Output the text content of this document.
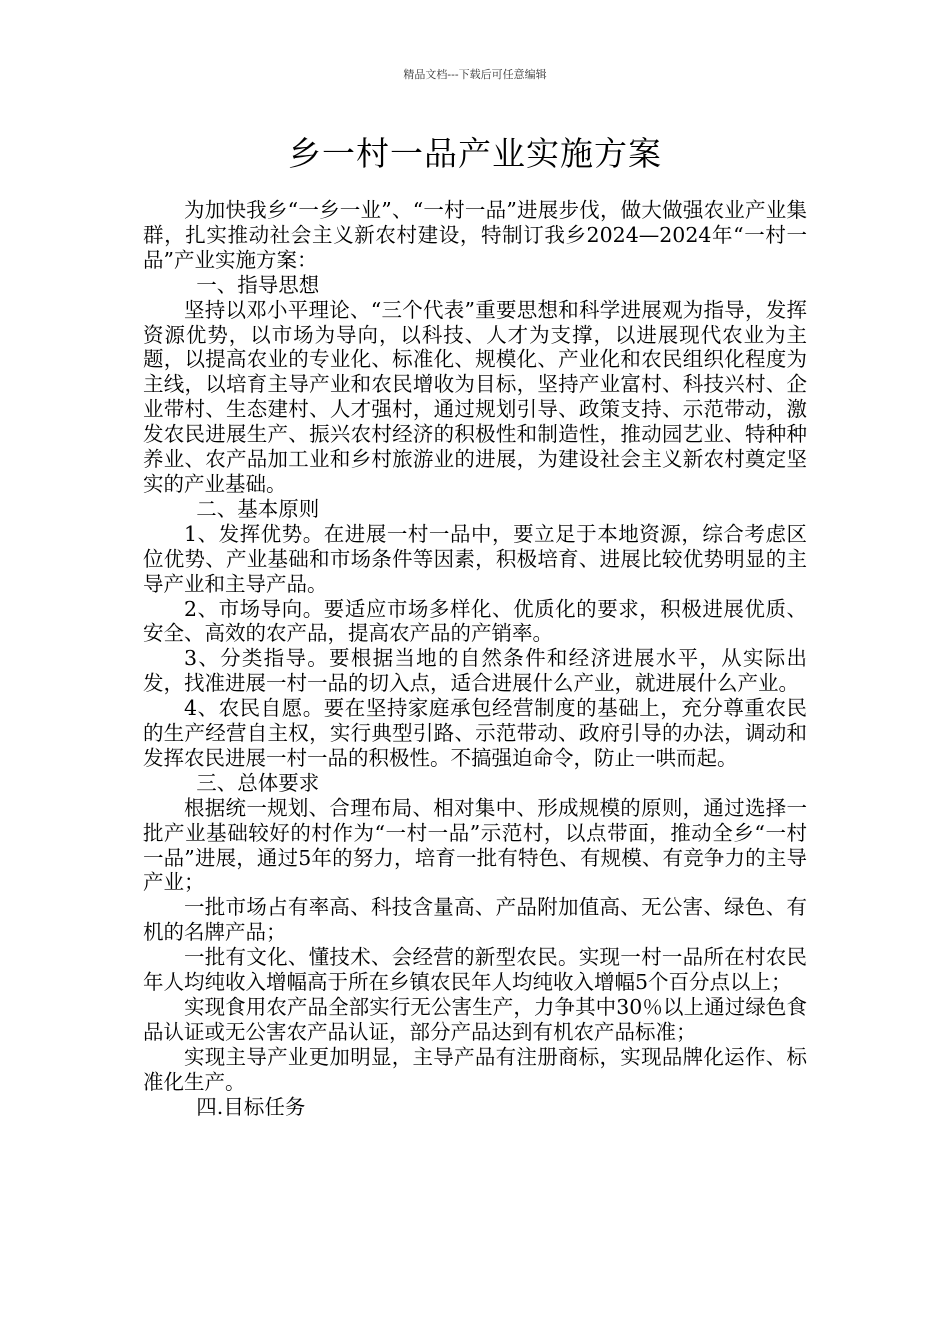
精品文档---下载后可任意编辑
乡一村一品产业实施方案

为加快我乡“一乡一业”、“一村一品”进展步伐，做大做强农业产业集群，扎实推动社会主义新农村建设，特制订我乡2024—2024年“一村一品”产业实施方案：

一、指导思想

坚持以邓小平理论、“三个代表”重要思想和科学进展观为指导，发挥资源优势，以市场为导向，以科技、人才为支撑，以进展现代农业为主题，以提高农业的专业化、标准化、规模化、产业化和农民组织化程度为主线，以培育主导产业和农民增收为目标，坚持产业富村、科技兴村、企业带村、生态建村、人才强村，通过规划引导、政策支持、示范带动，激发农民进展生产、振兴农村经济的积极性和制造性，推动园艺业、特种种养业、农产品加工业和乡村旅游业的进展，为建设社会主义新农村奠定坚实的产业基础。

二、基本原则

1、发挥优势。在进展一村一品中，要立足于本地资源，综合考虑区位优势、产业基础和市场条件等因素，积极培育、进展比较优势明显的主导产业和主导产品。

2、市场导向。要适应市场多样化、优质化的要求，积极进展优质、安全、高效的农产品，提高农产品的产销率。

3、分类指导。要根据当地的自然条件和经济进展水平，从实际出发，找准进展一村一品的切入点，适合进展什么产业，就进展什么产业。

4、农民自愿。要在坚持家庭承包经营制度的基础上，充分尊重农民的生产经营自主权，实行典型引路、示范带动、政府引导的办法，调动和发挥农民进展一村一品的积极性。不搞强迫命令，防止一哄而起。

三、总体要求

根据统一规划、合理布局、相对集中、形成规模的原则，通过选择一批产业基础较好的村作为“一村一品”示范村，以点带面，推动全乡“一村一品”进展，通过5年的努力，培育一批有特色、有规模、有竞争力的主导产业；

一批市场占有率高、科技含量高、产品附加值高、无公害、绿色、有机的名牌产品；

一批有文化、懂技术、会经营的新型农民。实现一村一品所在村农民年人均纯收入增幅高于所在乡镇农民年人均纯收入增幅5个百分点以上；

实现食用农产品全部实行无公害生产，力争其中30％以上通过绿色食品认证或无公害农产品认证，部分产品达到有机农产品标准；

实现主导产业更加明显，主导产品有注册商标，实现品牌化运作、标准化生产。

四.目标任务
